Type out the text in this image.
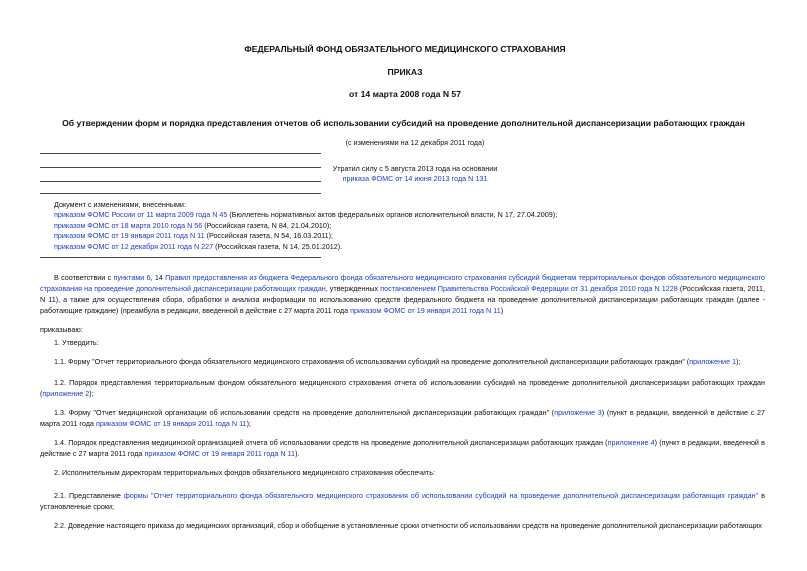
ФЕДЕРАЛЬНЫЙ ФОНД ОБЯЗАТЕЛЬНОГО МЕДИЦИНСКОГО СТРАХОВАНИЯ
ПРИКАЗ
от 14 марта 2008 года N 57
Об утверждении форм и порядка представления отчетов об использовании субсидий на проведение дополнительной диспансеризации работающих граждан
(с изменениями на 12 декабря 2011 года)
Утратил силу с 5 августа 2013 года на основании
приказа ФОМС от 14 июня 2013 года N 131
Документ с изменениями, внесенными:
приказом ФОМС России от 11 марта 2009 года N 45 (Бюллетень нормативных актов федеральных органов исполнительной власти, N 17, 27.04.2009);
приказом ФОМС от 18 марта 2010 года N 56 (Российская газета, N 84, 21.04.2010);
приказом ФОМС от 19 января 2011 года N 11 (Российская газета, N 54, 16.03.2011);
приказом ФОМС от 12 декабря 2011 года N 227 (Российская газета, N 14, 25.01.2012).
В соответствии с пунктами 6, 14 Правил предоставления из бюджета Федерального фонда обязательного медицинского страхования субсидий бюджетам территориальных фондов обязательного медицинского страхования на проведение дополнительной диспансеризации работающих граждан, утвержденных постановлением Правительства Российской Федерации от 31 декабря 2010 года N 1228 (Российская газета, 2011, N 11), а также для осуществления сбора, обработки и анализа информации по использованию средств федерального бюджета на проведение дополнительной диспансеризации работающих граждан (далее - работающие граждане) (преамбула в редакции, введенной в действие с 27 марта 2011 года приказом ФОМС от 19 января 2011 года N 11)
приказываю:
1. Утвердить:
1.1. Форму "Отчет территориального фонда обязательного медицинского страхования об использовании субсидий на проведение дополнительной диспансеризации работающих граждан" (приложение 1);
1.2. Порядок представления территориальным фондом обязательного медицинского страхования отчета об использовании субсидий на проведение дополнительной диспансеризации работающих граждан (приложение 2);
1.3. Форму "Отчет медицинской организации об использовании средств на проведение дополнительной диспансеризации работающих граждан" (приложение 3) (пункт в редакции, введенной в действие с 27 марта 2011 года приказом ФОМС от 19 января 2011 года N 11);
1.4. Порядок представления медицинской организацией отчета об использовании средств на проведение дополнительной диспансеризации работающих граждан (приложение 4) (пункт в редакции, введенной в действие с 27 марта 2011 года приказом ФОМС от 19 января 2011 года N 11).
2. Исполнительным директорам территориальных фондов обязательного медицинского страхования обеспечить:
2.1. Представление формы "Отчет территориального фонда обязательного медицинского страхования об использовании субсидий на проведение дополнительной диспансеризации работающих граждан" в установленные сроки;
2.2. Доведение настоящего приказа до медицинских организаций, сбор и обобщение в установленные сроки отчетности об использовании средств на проведение дополнительной диспансеризации работающих
